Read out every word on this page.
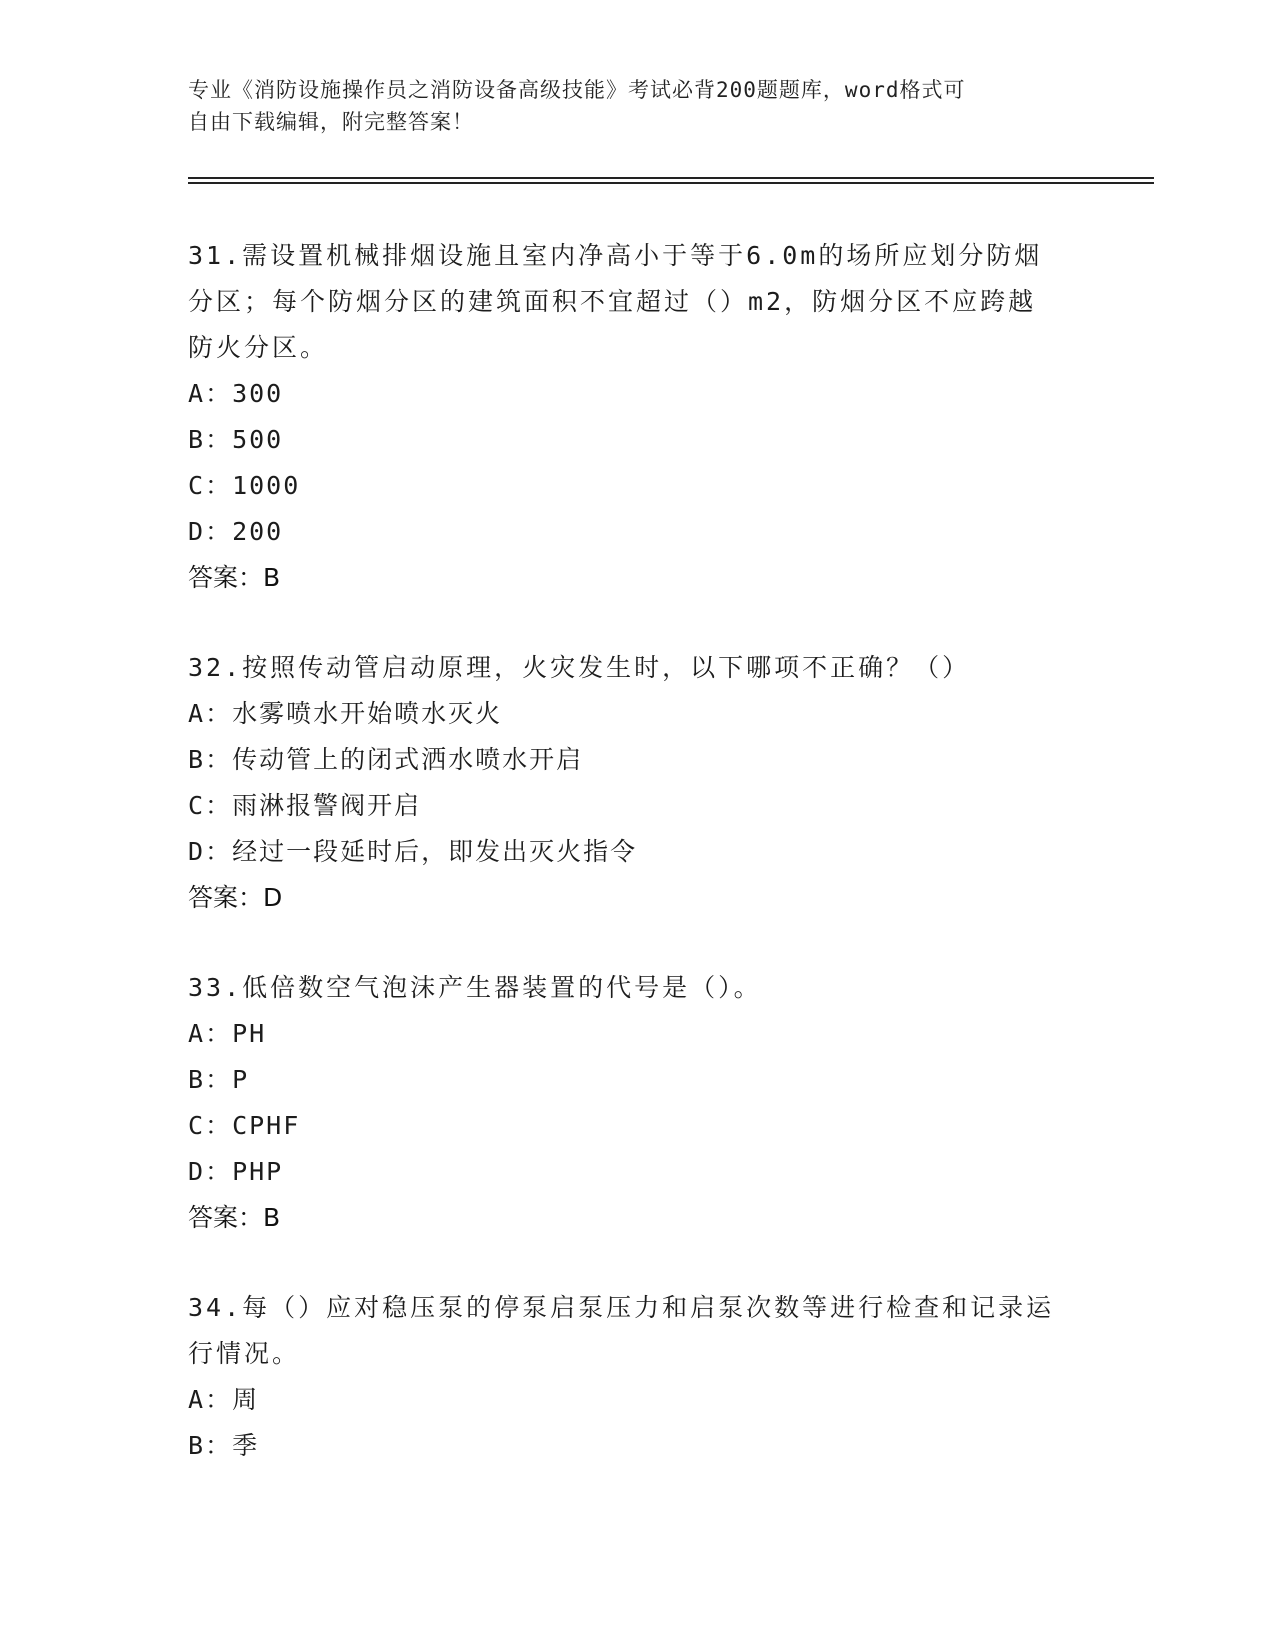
专业《消防设施操作员之消防设备高级技能》考试必背200题题库，word格式可
自由下载编辑，附完整答案！
31.需设置机械排烟设施且室内净高小于等于6.0m的场所应划分防烟
分区；每个防烟分区的建筑面积不宜超过（）m2，防烟分区不应跨越
防火分区。
A：300
B：500
C：1000
D：200
答案：B
32.按照传动管启动原理，火灾发生时，以下哪项不正确？（）
A：水雾喷水开始喷水灭火
B：传动管上的闭式洒水喷水开启
C：雨淋报警阀开启
D：经过一段延时后，即发出灭火指令
答案：D
33.低倍数空气泡沫产生器装置的代号是（）。
A：PH
B：P
C：CPHF
D：PHP
答案：B
34.每（）应对稳压泵的停泵启泵压力和启泵次数等进行检查和记录运
行情况。
A：周
B：季
